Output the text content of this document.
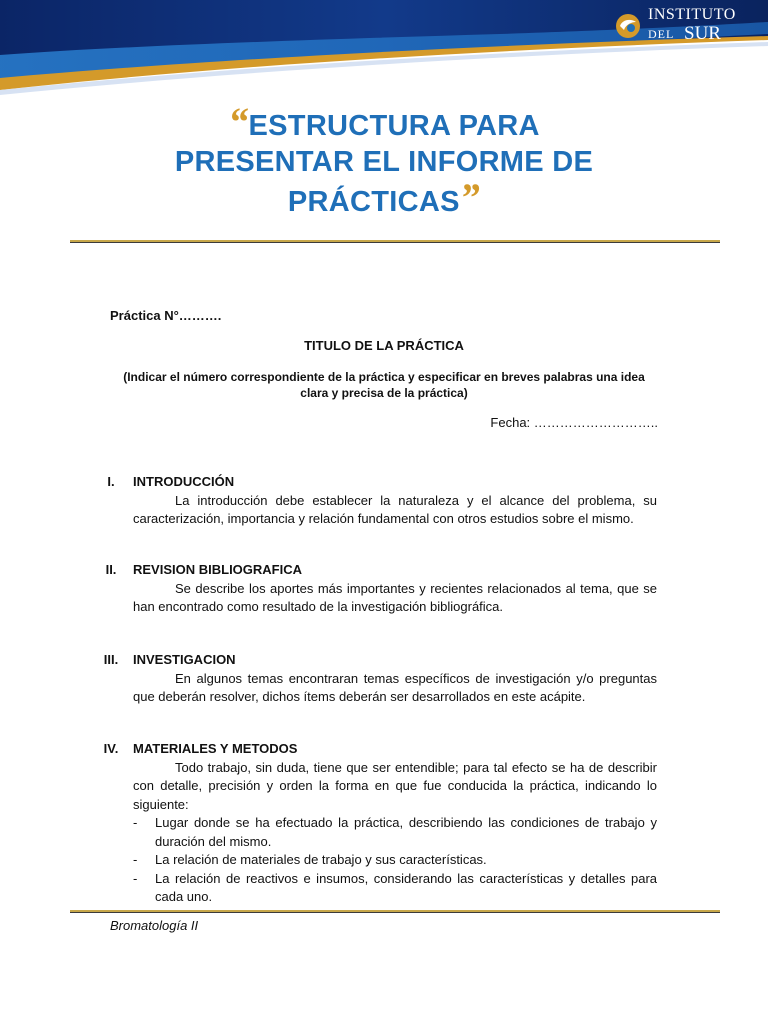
INSTITUTO
DEL SUR
“ESTRUCTURA PARA
PRESENTAR EL INFORME DE
PRÁCTICAS”
Práctica N°……….
TITULO DE LA PRÁCTICA
(Indicar el número correspondiente de la práctica y especificar en breves palabras una idea clara y precisa de la práctica)
Fecha: ………………………..
I.	INTRODUCCIÓN
La introducción debe establecer la naturaleza y el alcance del problema, su caracterización, importancia y relación fundamental con otros estudios sobre el mismo.
II.	REVISION BIBLIOGRAFICA
Se describe los aportes más importantes y recientes relacionados al tema, que se han encontrado como resultado de la investigación bibliográfica.
III.	INVESTIGACION
En algunos temas encontraran temas específicos de investigación y/o preguntas que deberán resolver, dichos ítems deberán ser desarrollados en este acápite.
IV.	MATERIALES Y METODOS
Todo trabajo, sin duda, tiene que ser entendible; para tal efecto se ha de describir con detalle, precisión y orden la forma en que fue conducida la práctica, indicando lo siguiente:
- Lugar donde se ha efectuado la práctica, describiendo las condiciones de trabajo y duración del mismo.
- La relación de materiales de trabajo y sus características.
- La relación de reactivos e insumos, considerando las características y detalles para cada uno.
Bromatología II
